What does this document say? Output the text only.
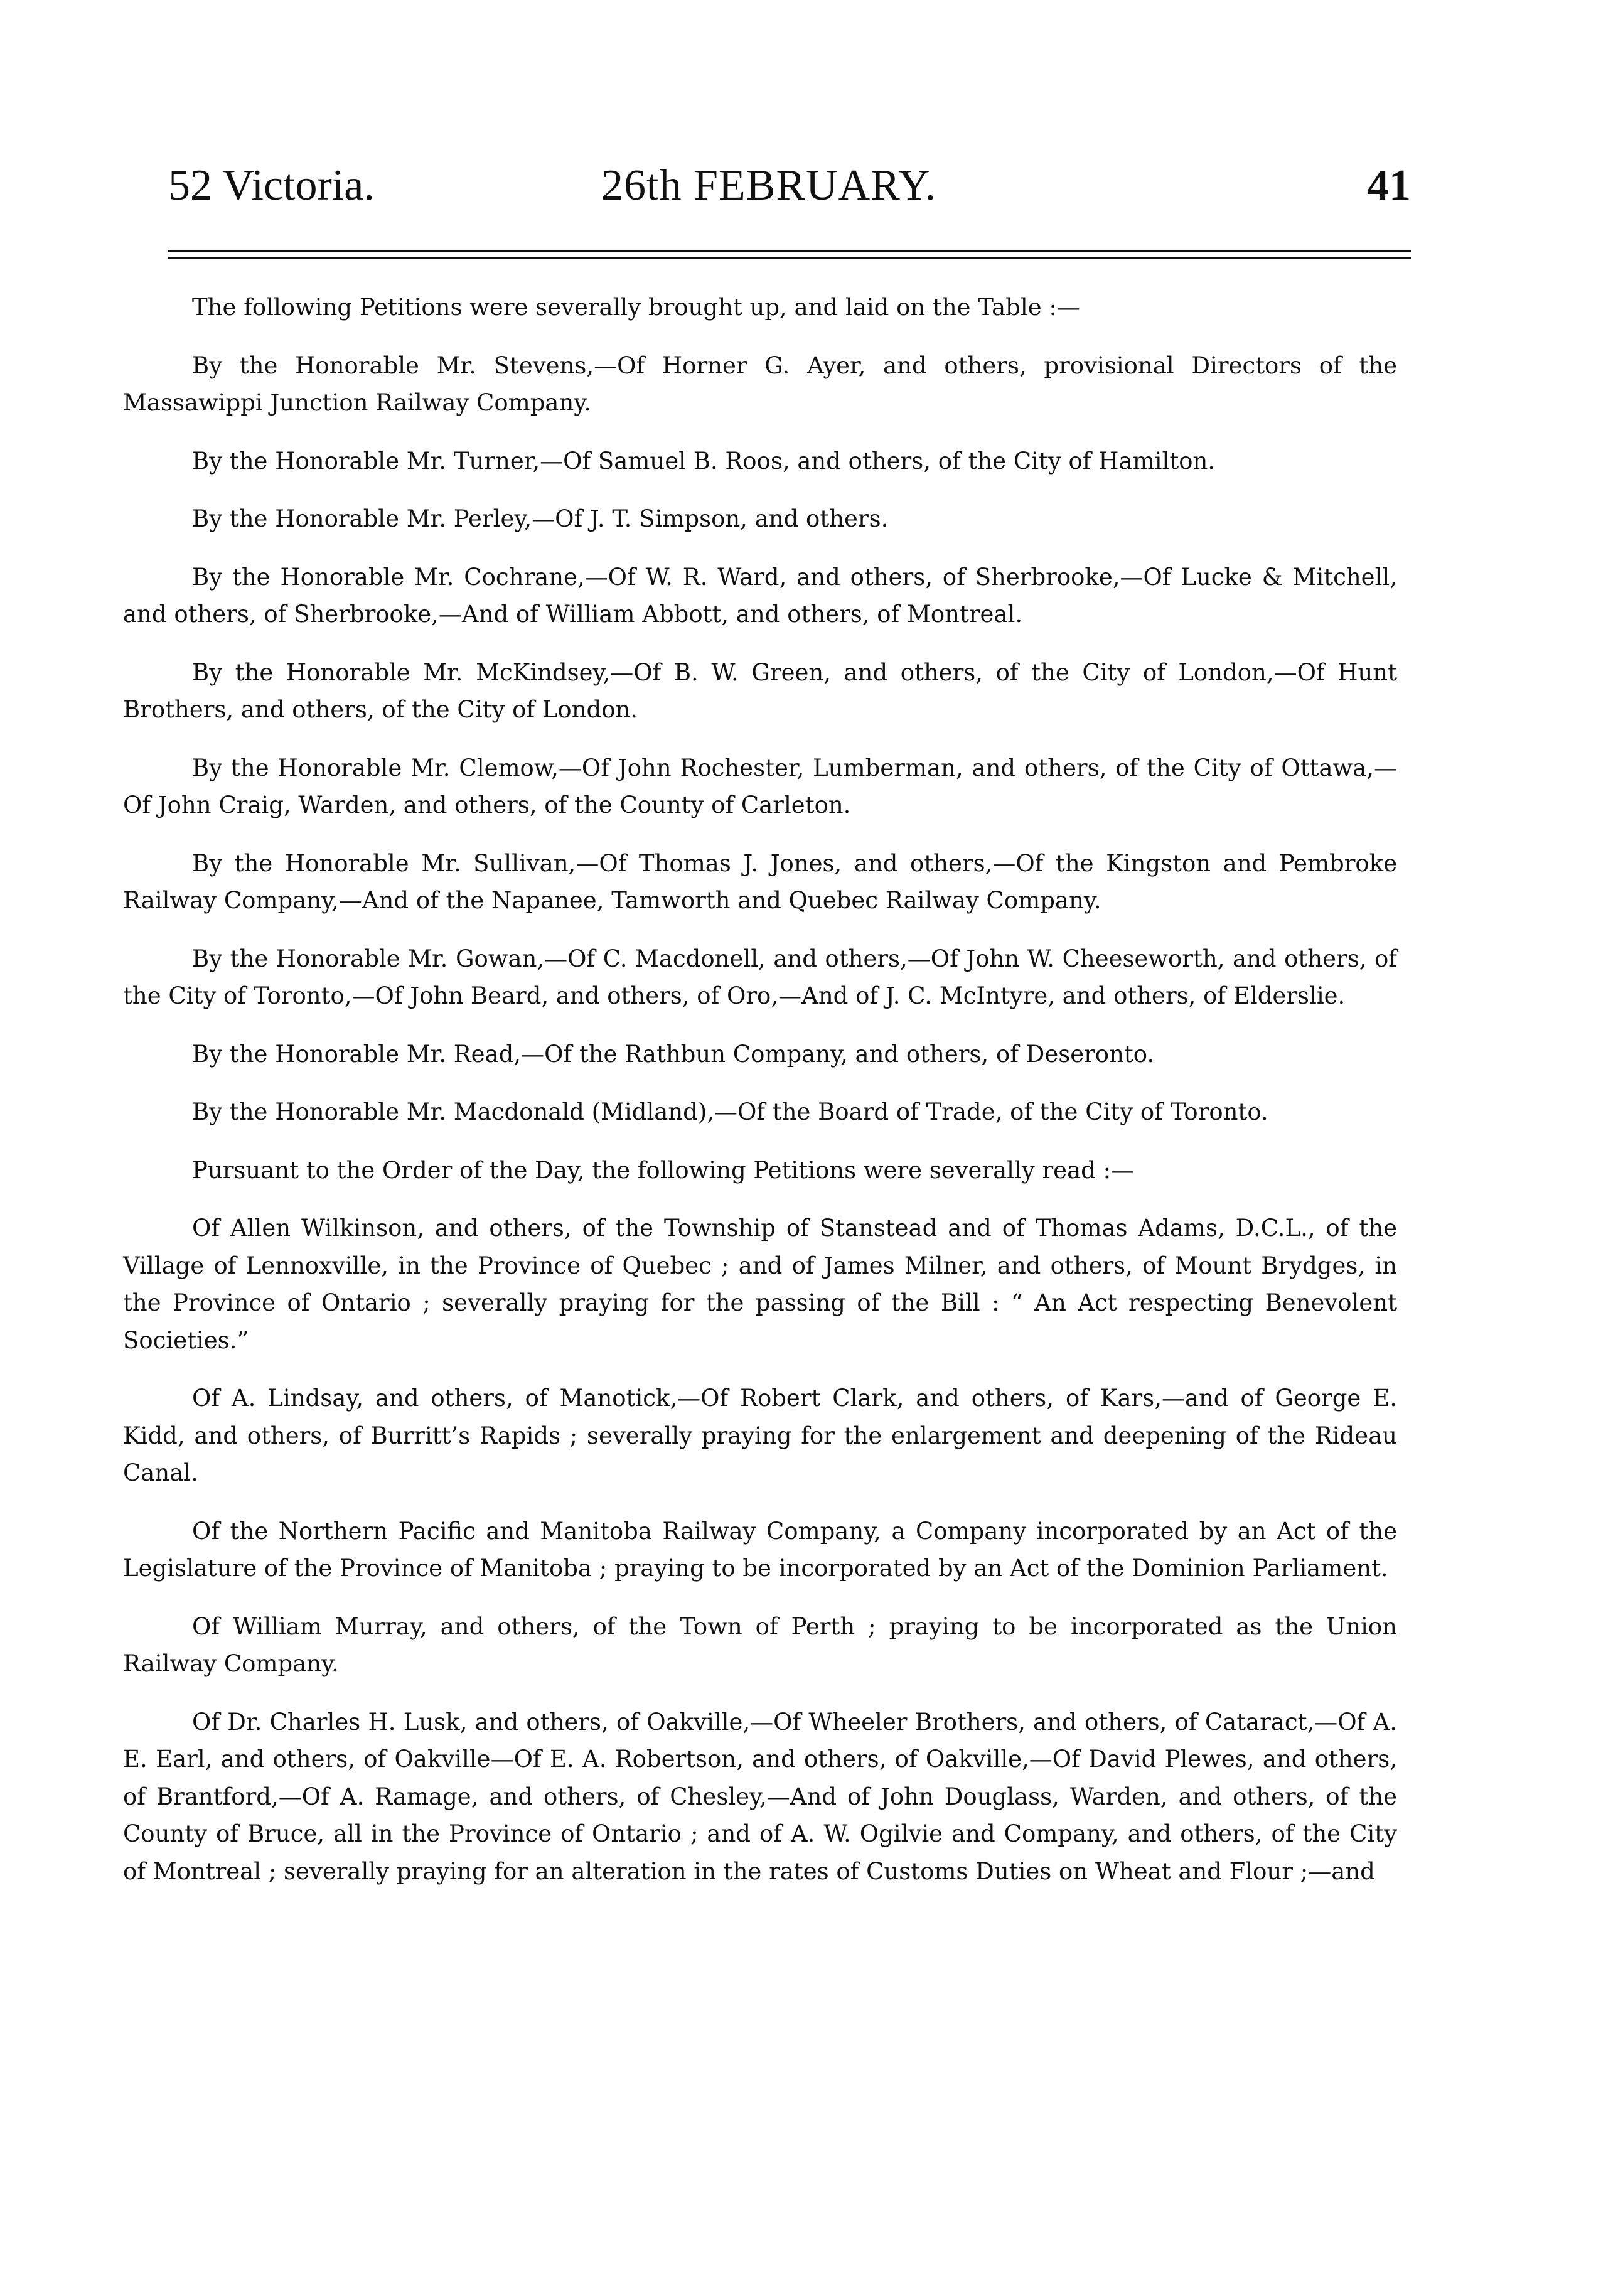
52 Victoria.	26th FEBRUARY.	41

The following Petitions were severally brought up, and laid on the Table :—

By the Honorable Mr. Stevens,—Of Horner G. Ayer, and others, provisional Directors of the Massawippi Junction Railway Company.

By the Honorable Mr. Turner,—Of Samuel B. Roos, and others, of the City of Hamilton.

By the Honorable Mr. Perley,—Of J. T. Simpson, and others.

By the Honorable Mr. Cochrane,—Of W. R. Ward, and others, of Sherbrooke,—Of Lucke & Mitchell, and others, of Sherbrooke,—And of William Abbott, and others, of Montreal.

By the Honorable Mr. McKindsey,—Of B. W. Green, and others, of the City of London,—Of Hunt Brothers, and others, of the City of London.

By the Honorable Mr. Clemow,—Of John Rochester, Lumberman, and others, of the City of Ottawa,—Of John Craig, Warden, and others, of the County of Carleton.

By the Honorable Mr. Sullivan,—Of Thomas J. Jones, and others,—Of the Kingston and Pembroke Railway Company,—And of the Napanee, Tamworth and Quebec Railway Company.

By the Honorable Mr. Gowan,—Of C. Macdonell, and others,—Of John W. Cheeseworth, and others, of the City of Toronto,—Of John Beard, and others, of Oro,—And of J. C. McIntyre, and others, of Elderslie.

By the Honorable Mr. Read,—Of the Rathbun Company, and others, of Deseronto.

By the Honorable Mr. Macdonald (Midland),—Of the Board of Trade, of the City of Toronto.

Pursuant to the Order of the Day, the following Petitions were severally read :—

Of Allen Wilkinson, and others, of the Township of Stanstead and of Thomas Adams, D.C.L., of the Village of Lennoxville, in the Province of Quebec ; and of James Milner, and others, of Mount Brydges, in the Province of Ontario ; severally praying for the passing of the Bill : “ An Act respecting Benevolent Societies.”

Of A. Lindsay, and others, of Manotick,—Of Robert Clark, and others, of Kars,—and of George E. Kidd, and others, of Burritt’s Rapids ; severally praying for the enlargement and deepening of the Rideau Canal.

Of the Northern Pacific and Manitoba Railway Company, a Company incorporated by an Act of the Legislature of the Province of Manitoba ; praying to be incorporated by an Act of the Dominion Parliament.

Of William Murray, and others, of the Town of Perth ; praying to be incorporated as the Union Railway Company.

Of Dr. Charles H. Lusk, and others, of Oakville,—Of Wheeler Brothers, and others, of Cataract,—Of A. E. Earl, and others, of Oakville—Of E. A. Robertson, and others, of Oakville,—Of David Plewes, and others, of Brantford,—Of A. Ramage, and others, of Chesley,—And of John Douglass, Warden, and others, of the County of Bruce, all in the Province of Ontario ; and of A. W. Ogilvie and Company, and others, of the City of Montreal ; severally praying for an alteration in the rates of Customs Duties on Wheat and Flour ;—and
